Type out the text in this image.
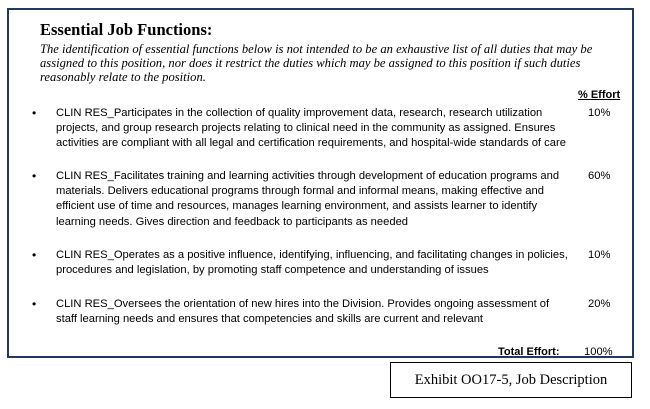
Essential Job Functions:
The identification of essential functions below is not intended to be an exhaustive list of all duties that may be assigned to this position, nor does it restrict the duties which may be assigned to this position if such duties reasonably relate to the position.
% Effort
• CLIN RES_Participates in the collection of quality improvement data, research, research utilization projects, and group research projects relating to clinical need in the community as assigned. Ensures activities are compliant with all legal and certification requirements, and hospital-wide standards of care
10%
• CLIN RES_Facilitates training and learning activities through development of education programs and materials. Delivers educational programs through formal and informal means, making effective and efficient use of time and resources, manages learning environment, and assists learner to identify learning needs. Gives direction and feedback to participants as needed
60%
• CLIN RES_Operates as a positive influence, identifying, influencing, and facilitating changes in policies, procedures and legislation, by promoting staff competence and understanding of issues
10%
• CLIN RES_Oversees the orientation of new hires into the Division. Provides ongoing assessment of staff learning needs and ensures that competencies and skills are current and relevant
20%
Total Effort: 100%
Exhibit OO17-5, Job Description
